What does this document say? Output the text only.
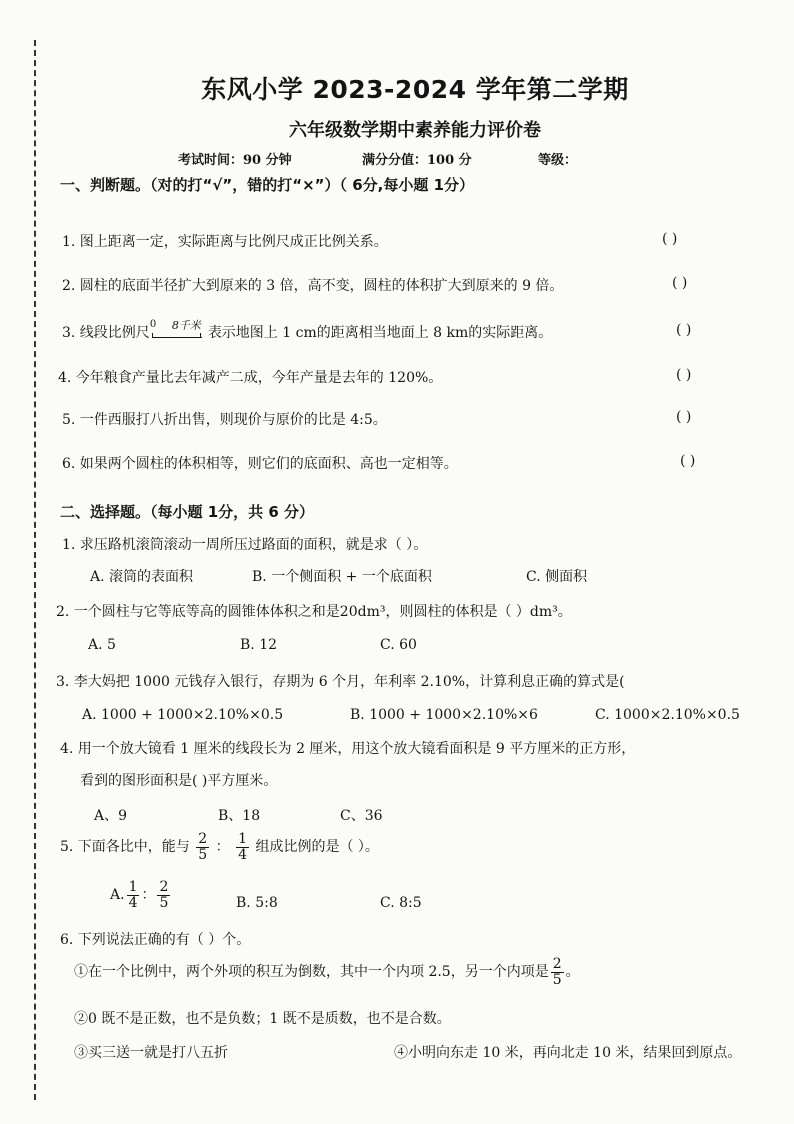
东风小学 2023-2024 学年第二学期
六年级数学期中素养能力评价卷
考试时间：90 分钟	满分分值：100 分	等级：
一、判断题。（对的打“√”，错的打“×”）（ 6分,每小题 1分）
1. 图上距离一定，实际距离与比例尺成正比例关系。	( )
2. 圆柱的底面半径扩大到原来的 3 倍，高不变，圆柱的体积扩大到原来的 9 倍。	( )
3. 线段比例尺
0 8千米 表示地图上 1 cm的距离相当地面上 8 km的实际距离。	( )
4. 今年粮食产量比去年减产二成，今年产量是去年的 120%。	( )
5. 一件西服打八折出售，则现价与原价的比是 4:5。	( )
6. 如果两个圆柱的体积相等，则它们的底面积、高也一定相等。	( )
二、选择题。（每小题 1分，共 6 分）
1. 求压路机滚筒滚动一周所压过路面的面积，就是求（ ）。
A. 滚筒的表面积	B. 一个侧面积 + 一个底面积	C. 侧面积
2. 一个圆柱与它等底等高的圆锥体体积之和是20dm³，则圆柱的体积是（ ）dm³。
A. 5	B. 12	C. 60
3. 李大妈把 1000 元钱存入银行，存期为 6 个月，年利率 2.10%，计算利息正确的算式是(
A. 1000 + 1000×2.10%×0.5	B. 1000 + 1000×2.10%×6	C. 1000×2.10%×0.5
4. 用一个放大镜看 1 厘米的线段长为 2 厘米，用这个放大镜看面积是 9 平方厘米的正方形，
看到的图形面积是( )平方厘米。
A、9	B、18	C、36
5. 下面各比中，能与 $\frac{2}{5}$ ： $\frac{1}{4}$ 组成比例的是（ ）。
A. $\frac{1}{4}$ ： $\frac{2}{5}$	B. 5:8	C. 8:5
6. 下列说法正确的有（ ）个。
①在一个比例中，两个外项的积互为倒数，其中一个内项 2.5，另一个内项是 $\frac{2}{5}$ 。
②0 既不是正数，也不是负数；1 既不是质数，也不是合数。
③买三送一就是打八五折	④小明向东走 10 米，再向北走 10 米，结果回到原点。
